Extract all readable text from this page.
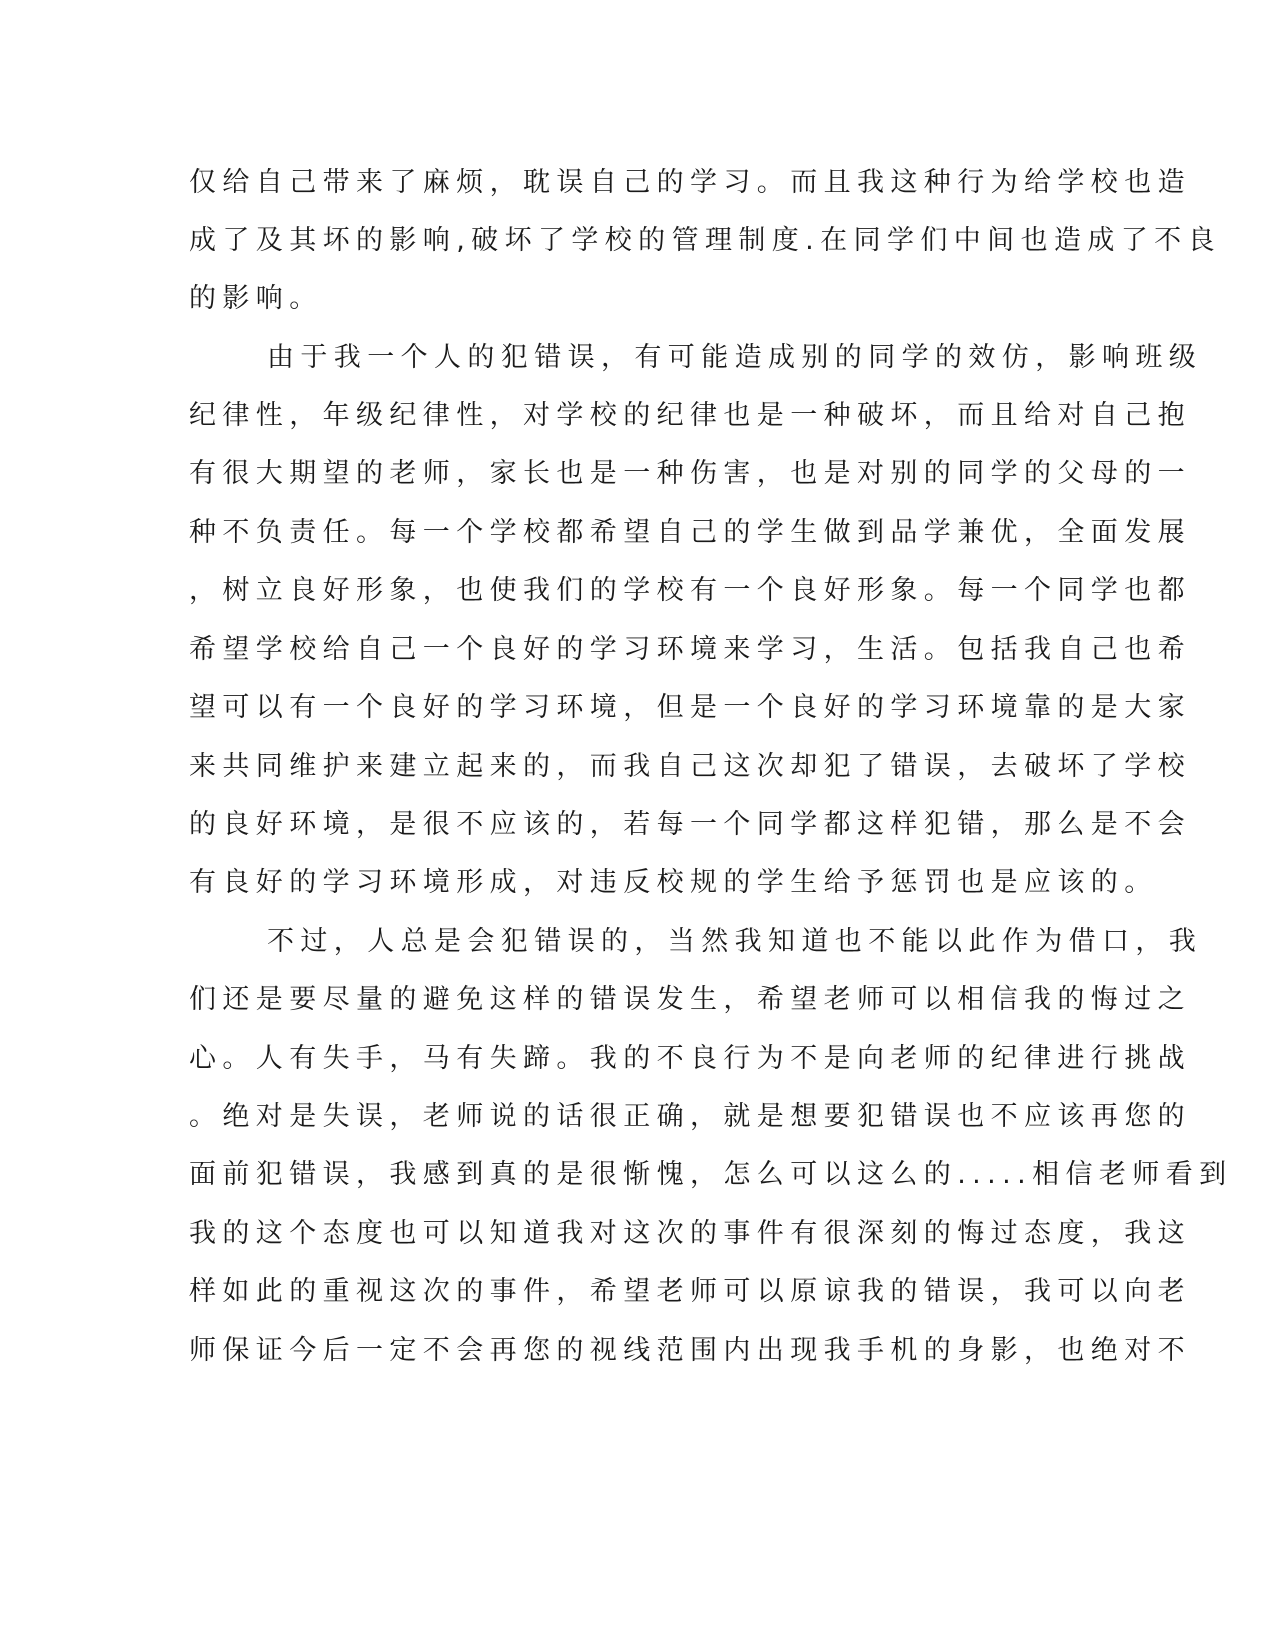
仅给自己带来了麻烦，耽误自己的学习。而且我这种行为给学校也造
成了及其坏的影响,破坏了学校的管理制度.在同学们中间也造成了不良
的影响。
由于我一个人的犯错误，有可能造成别的同学的效仿，影响班级
纪律性，年级纪律性，对学校的纪律也是一种破坏，而且给对自己抱
有很大期望的老师，家长也是一种伤害，也是对别的同学的父母的一
种不负责任。每一个学校都希望自己的学生做到品学兼优，全面发展
，树立良好形象，也使我们的学校有一个良好形象。每一个同学也都
希望学校给自己一个良好的学习环境来学习，生活。包括我自己也希
望可以有一个良好的学习环境，但是一个良好的学习环境靠的是大家
来共同维护来建立起来的，而我自己这次却犯了错误，去破坏了学校
的良好环境，是很不应该的，若每一个同学都这样犯错，那么是不会
有良好的学习环境形成，对违反校规的学生给予惩罚也是应该的。
不过，人总是会犯错误的，当然我知道也不能以此作为借口，我
们还是要尽量的避免这样的错误发生，希望老师可以相信我的悔过之
心。人有失手，马有失蹄。我的不良行为不是向老师的纪律进行挑战
。绝对是失误，老师说的话很正确，就是想要犯错误也不应该再您的
面前犯错误，我感到真的是很惭愧，怎么可以这么的.....相信老师看到
我的这个态度也可以知道我对这次的事件有很深刻的悔过态度，我这
样如此的重视这次的事件，希望老师可以原谅我的错误，我可以向老
师保证今后一定不会再您的视线范围内出现我手机的身影，也绝对不
